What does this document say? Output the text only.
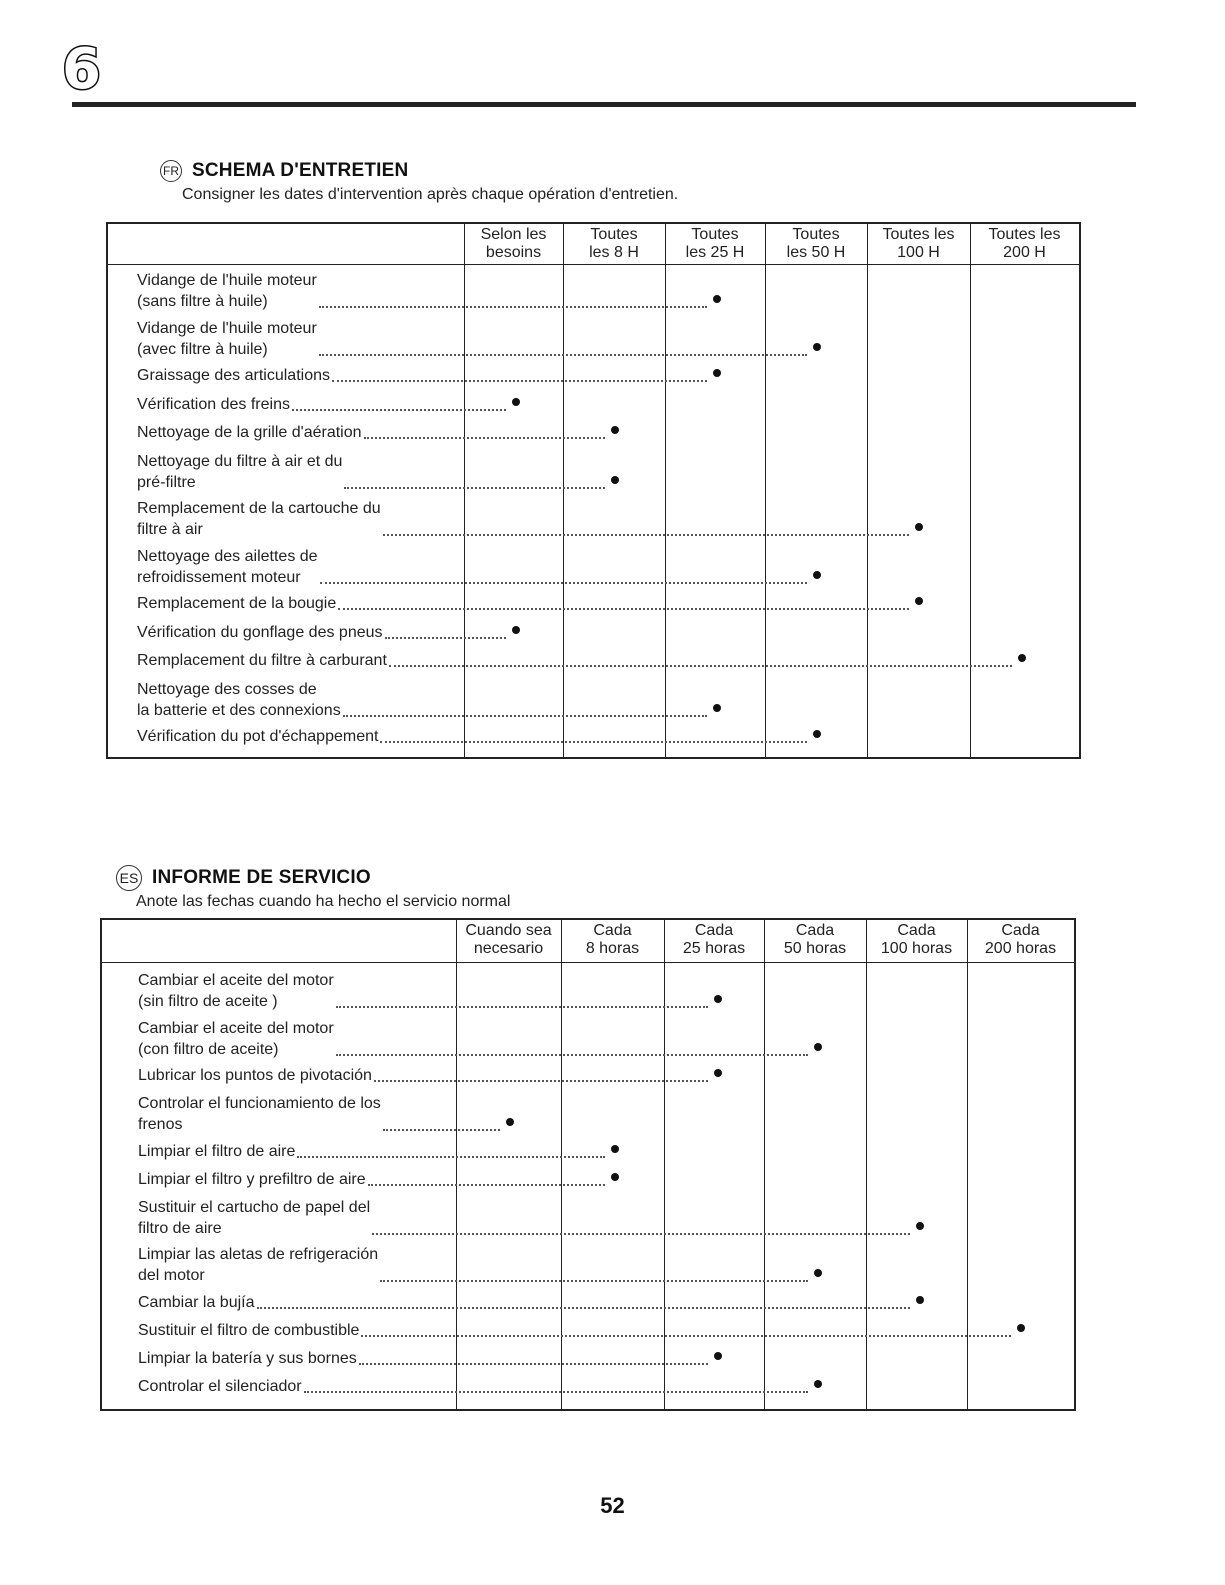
6
FR SCHEMA D'ENTRETIEN
Consigner les dates d'intervention après chaque opération d'entretien.
Selon les
besoins
Toutes
les 8 H
Toutes
les 25 H
Toutes
les 50 H
Toutes les
100 H
Toutes les
200 H
Vidange de l'huile moteur
(sans filtre à huile)
Vidange de l'huile moteur
(avec filtre à huile)
Graissage des articulations
Vérification des freins
Nettoyage de la grille d'aération
Nettoyage du filtre à air et du
pré-filtre
Remplacement de la cartouche du
filtre à air
Nettoyage des ailettes de
refroidissement moteur
Remplacement de la bougie
Vérification du gonflage des pneus
Remplacement du filtre à carburant
Nettoyage des cosses de
la batterie et des connexions
Vérification du pot d'échappement
ES INFORME DE SERVICIO
Anote las fechas cuando ha hecho el servicio normal
Cuando sea
necesario
Cada
8 horas
Cada
25 horas
Cada
50 horas
Cada
100 horas
Cada
200 horas
Cambiar el aceite del motor
(sin filtro de aceite )
Cambiar el aceite del motor
(con filtro de aceite)
Lubricar los puntos de pivotación
Controlar el funcionamiento de los
frenos
Limpiar el filtro de aire
Limpiar el filtro y prefiltro de aire
Sustituir el cartucho de papel del
filtro de aire
Limpiar las aletas de refrigeración
del motor
Cambiar la bujía
Sustituir el filtro de combustible
Limpiar la batería y sus bornes
Controlar el silenciador
52
